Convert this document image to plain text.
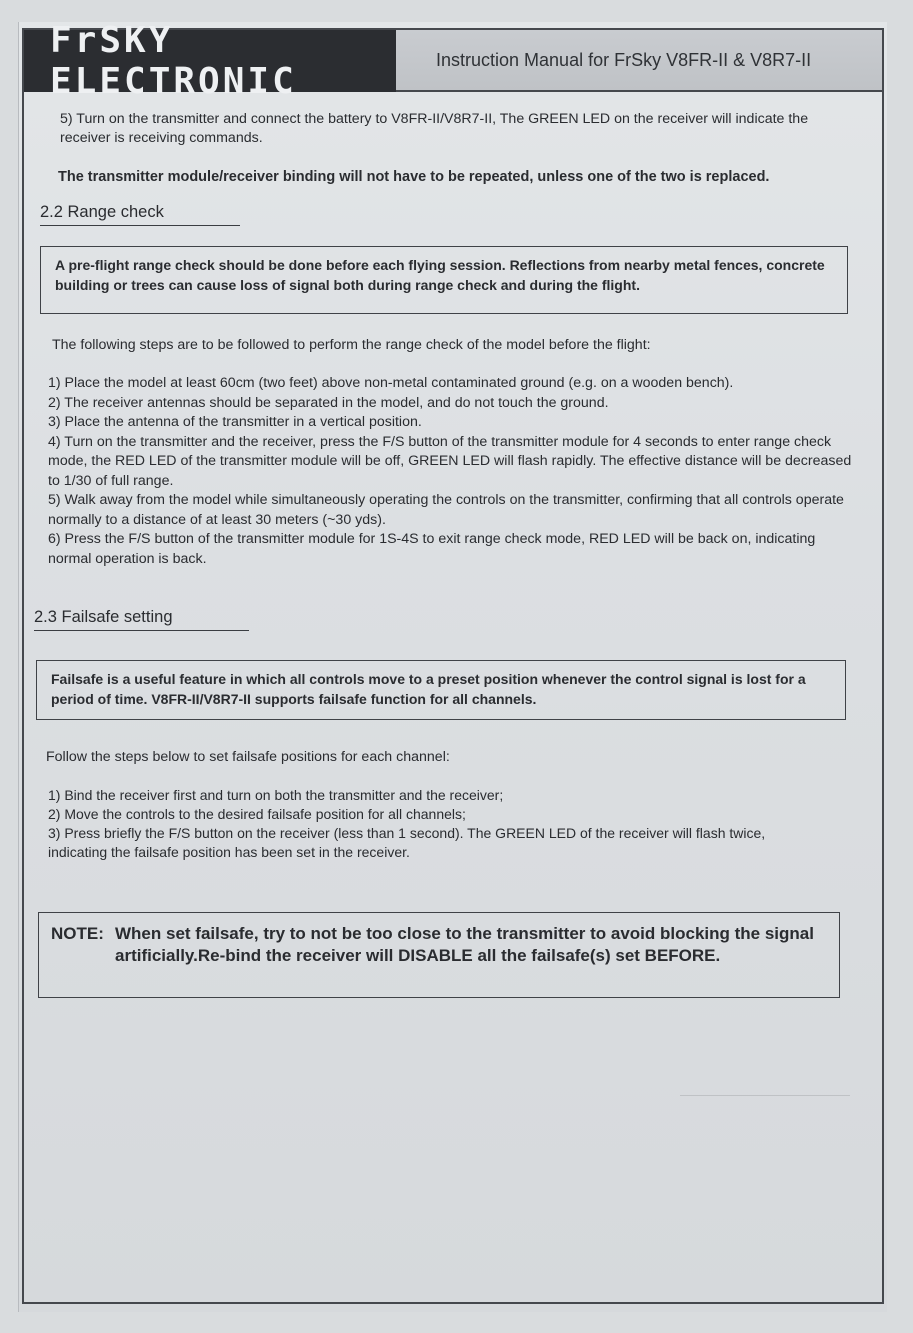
FrSKY ELECTRONIC
Instruction Manual for FrSky V8FR-II & V8R7-II

5) Turn on the transmitter and connect the battery to V8FR-II/V8R7-II, The GREEN LED on the receiver will indicate the receiver is receiving commands.

The transmitter module/receiver binding will not have to be repeated, unless one of the two is replaced.

2.2 Range check
A pre-flight range check should be done before each flying session. Reflections from nearby metal fences, concrete building or trees can cause loss of signal both during range check and during the flight.

The following steps are to be followed to perform the range check of the model before the flight:

1) Place the model at least 60cm (two feet) above non-metal contaminated ground (e.g. on a wooden bench).
2) The receiver antennas should be separated in the model, and do not touch the ground.
3) Place the antenna of the transmitter in a vertical position.
4) Turn on the transmitter and the receiver, press the F/S button of the transmitter module for 4 seconds to enter range check mode, the RED LED of the transmitter module will be off, GREEN LED will flash rapidly. The effective distance will be decreased to 1/30 of full range.
5) Walk away from the model while simultaneously operating the controls on the transmitter, confirming that all controls operate normally to a distance of at least 30 meters (~30 yds).
6) Press the F/S button of the transmitter module for 1S-4S to exit range check mode, RED LED will be back on, indicating normal operation is back.
2.3 Failsafe setting
Failsafe is a useful feature in which all controls move to a preset position whenever the control signal is lost for a period of time. V8FR-II/V8R7-II supports failsafe function for all channels.

Follow the steps below to set failsafe positions for each channel:

1) Bind the receiver first and turn on both the transmitter and the receiver;
2) Move the controls to the desired failsafe position for all channels;
3) Press briefly the F/S button on the receiver (less than 1 second). The GREEN LED of the receiver will flash twice, indicating the failsafe position has been set in the receiver.
NOTE: When set failsafe, try to not be too close to the transmitter to avoid blocking the signal artificially.Re-bind the receiver will DISABLE all the failsafe(s) set BEFORE.
